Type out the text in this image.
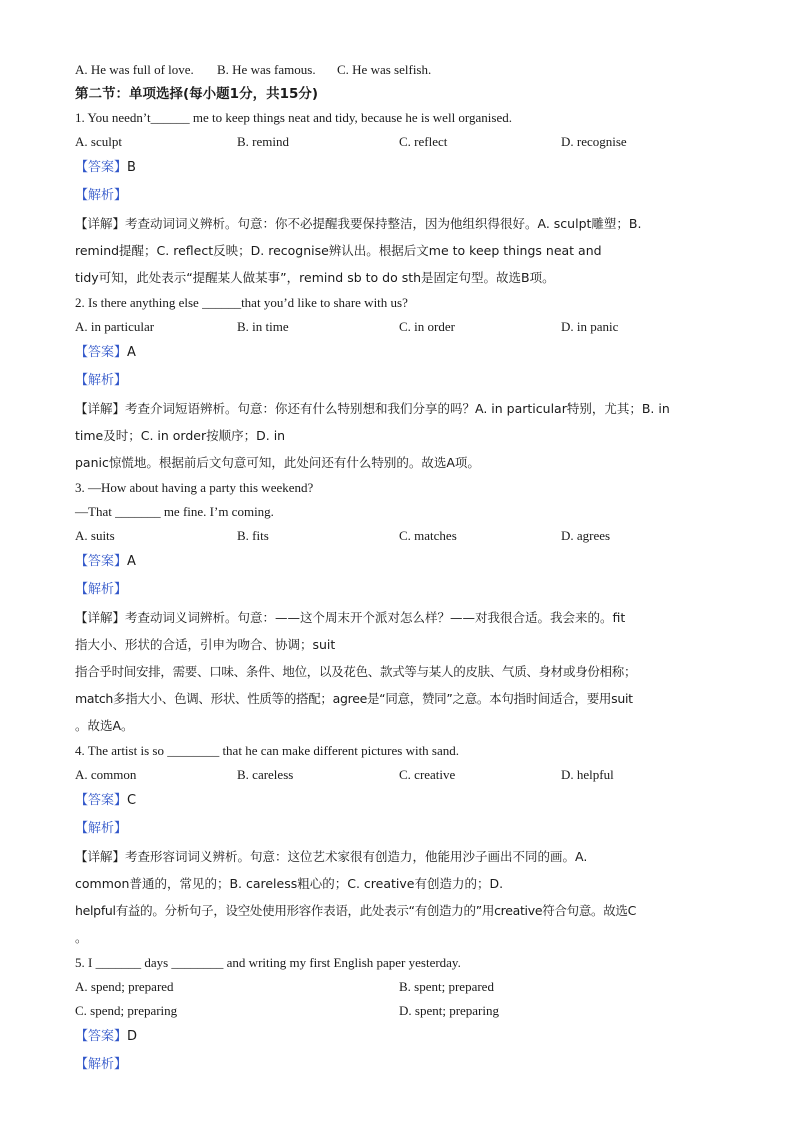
A. He was full of love.	B. He was famous.	C. He was selfish.
第二节：单项选择(每小题1分，共15分)
1. You needn’t______ me to keep things neat and tidy, because he is well organised.
A. sculpt	B. remind	C. reflect	D. recognise
【答案】B
【解析】
【详解】考查动词词义辨析。句意：你不必提醒我要保持整洁，因为他组织得很好。A. sculpt雕塑；B.
remind提醒；C. reflect反映；D. recognise辨认出。根据后文me to keep things neat and
tidy可知，此处表示“提醒某人做某事”，remind sb to do sth是固定句型。故选B项。
2. Is there anything else ______that you’d like to share with us?
A. in particular	B. in time	C. in order	D. in panic
【答案】A
【解析】
【详解】考查介词短语辨析。句意：你还有什么特别想和我们分享的吗？A. in particular特别，尤其；B. in
time及时；C. in order按顺序；D. in
panic惊慌地。根据前后文句意可知，此处问还有什么特别的。故选A项。
3. —How about having a party this weekend?
—That _______ me fine. I’m coming.
A. suits	B. fits	C. matches	D. agrees
【答案】A
【解析】
【详解】考查动词义词辨析。句意：——这个周末开个派对怎么样？——对我很合适。我会来的。fit
指大小、形状的合适，引申为吻合、协调；suit
指合乎时间安排，需要、口味、条件、地位，以及花色、款式等与某人的皮肤、气质、身材或身份相称；
match多指大小、色调、形状、性质等的搭配；agree是“同意，赞同”之意。本句指时间适合，要用suit
。故选A。
4. The artist is so ________ that he can make different pictures with sand.
A. common	B. careless	C. creative	D. helpful
【答案】C
【解析】
【详解】考查形容词词义辨析。句意：这位艺术家很有创造力，他能用沙子画出不同的画。A.
common普通的，常见的；B. careless粗心的；C. creative有创造力的；D.
helpful有益的。分析句子，设空处使用形容作表语，此处表示“有创造力的”用creative符合句意。故选C
。
5. I _______ days ________ and writing my first English paper yesterday.
A. spend; prepared	B. spent; prepared
C. spend; preparing	D. spent; preparing
【答案】D
【解析】
